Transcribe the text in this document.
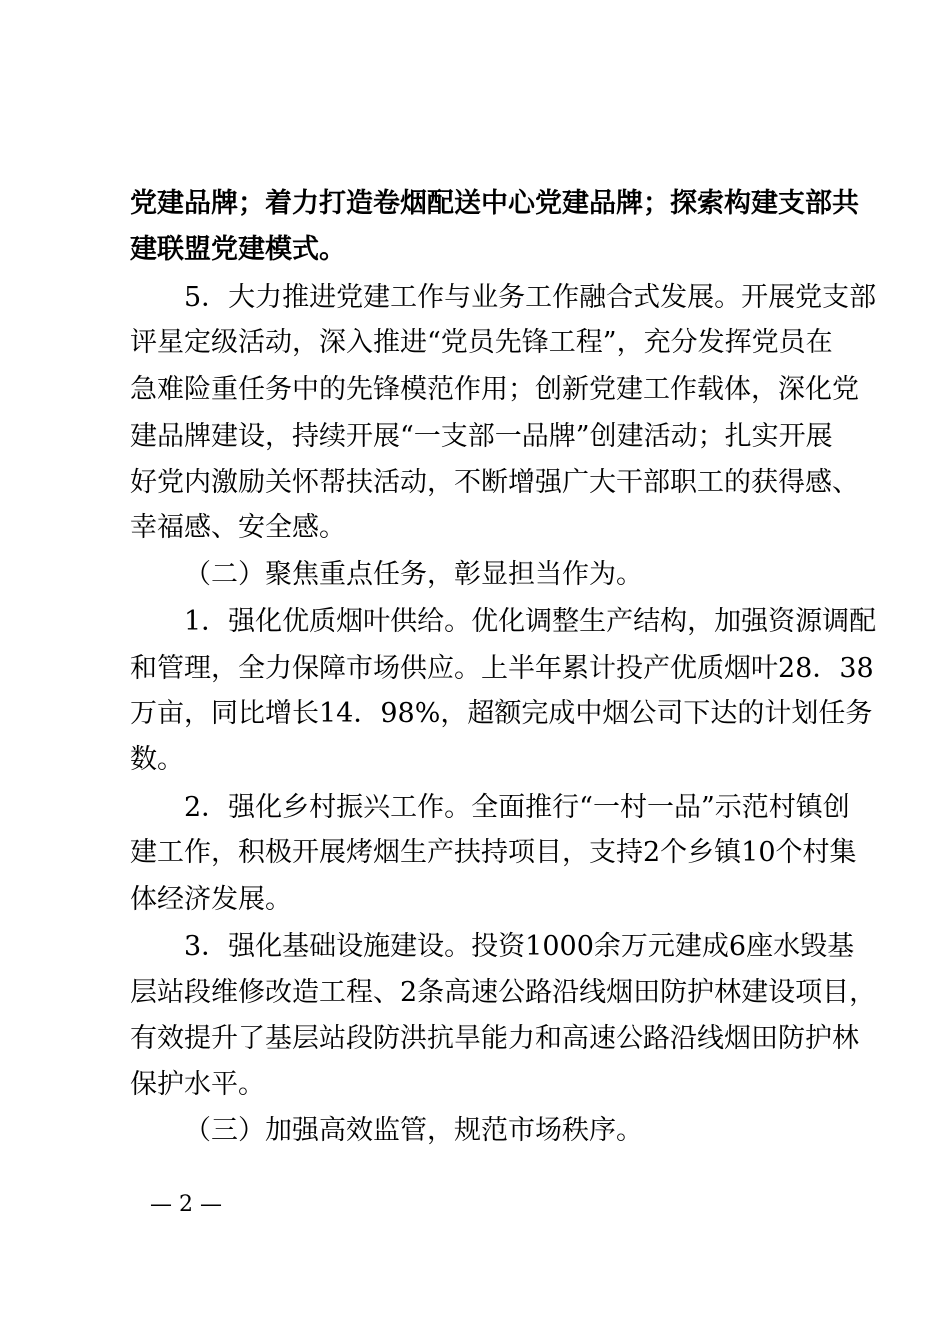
党建品牌；着力打造卷烟配送中心党建品牌；探索构建支部共
建联盟党建模式。
5．大力推进党建工作与业务工作融合式发展。开展党支部
评星定级活动，深入推进“党员先锋工程”，充分发挥党员在
急难险重任务中的先锋模范作用；创新党建工作载体，深化党
建品牌建设，持续开展“一支部一品牌”创建活动；扎实开展
好党内激励关怀帮扶活动，不断增强广大干部职工的获得感、
幸福感、安全感。
（二）聚焦重点任务，彰显担当作为。
1．强化优质烟叶供给。优化调整生产结构，加强资源调配
和管理，全力保障市场供应。上半年累计投产优质烟叶28．38
万亩，同比增长14．98%，超额完成中烟公司下达的计划任务
数。
2．强化乡村振兴工作。全面推行“一村一品”示范村镇创
建工作，积极开展烤烟生产扶持项目，支持2个乡镇10个村集
体经济发展。
3．强化基础设施建设。投资1000余万元建成6座水毁基
层站段维修改造工程、2条高速公路沿线烟田防护林建设项目，
有效提升了基层站段防洪抗旱能力和高速公路沿线烟田防护林
保护水平。
（三）加强高效监管，规范市场秩序。
— 2 —
